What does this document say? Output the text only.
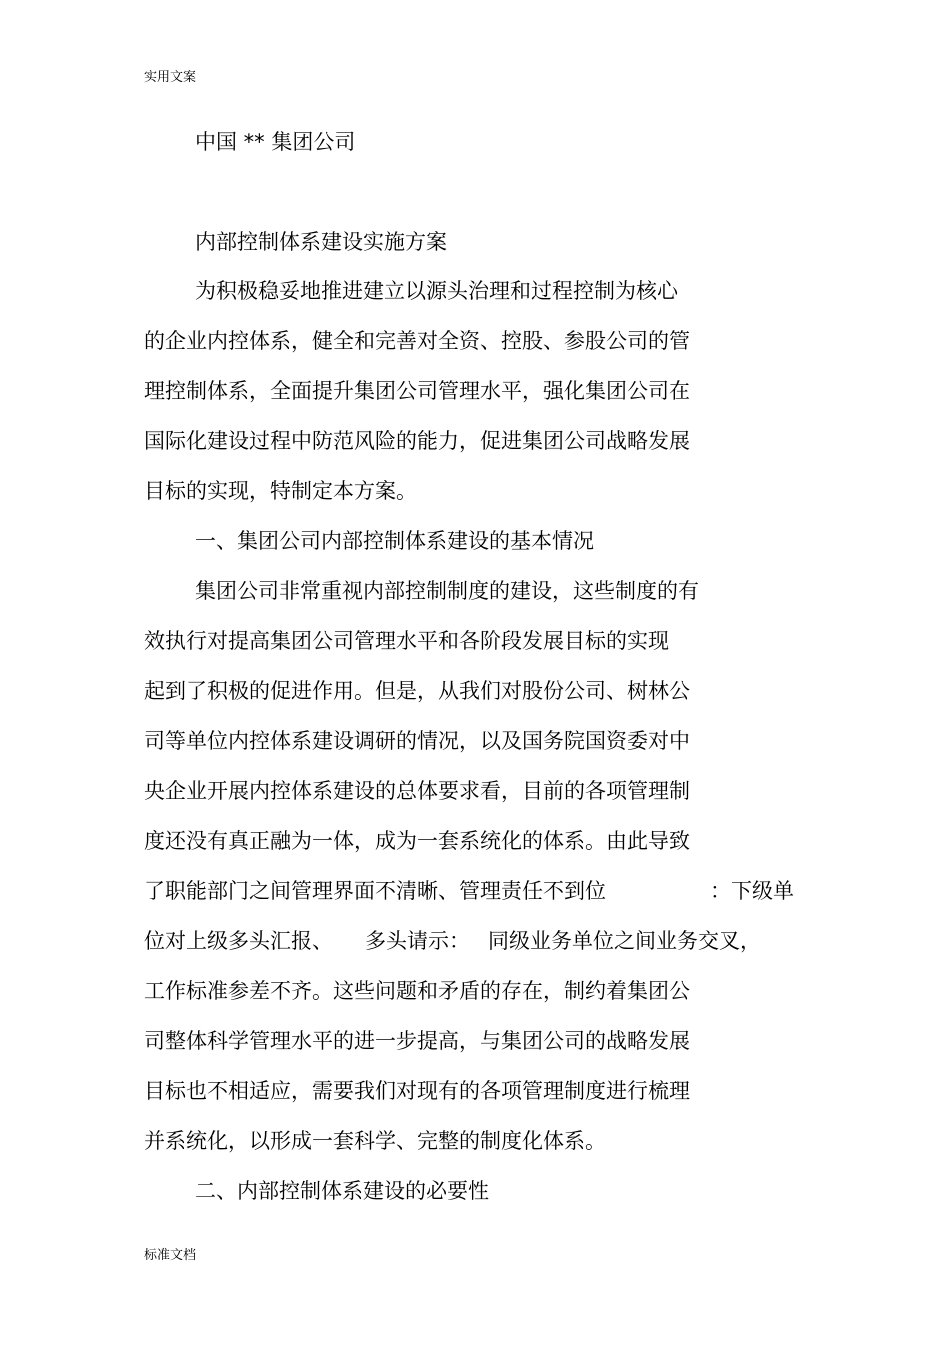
实用文案
中国 ** 集团公司
内部控制体系建设实施方案
为积极稳妥地推进建立以源头治理和过程控制为核心
的企业内控体系，健全和完善对全资、控股、参股公司的管
理控制体系，全面提升集团公司管理水平，强化集团公司在
国际化建设过程中防范风险的能力，促进集团公司战略发展
目标的实现，特制定本方案。
一、集团公司内部控制体系建设的基本情况
集团公司非常重视内部控制制度的建设，这些制度的有
效执行对提高集团公司管理水平和各阶段发展目标的实现
起到了积极的促进作用。但是，从我们对股份公司、树林公
司等单位内控体系建设调研的情况，以及国务院国资委对中
央企业开展内控体系建设的总体要求看，目前的各项管理制
度还没有真正融为一体，成为一套系统化的体系。由此导致
了职能部门之间管理界面不清晰、管理责任不到位	：下级单
位对上级多头汇报、 多头请示： 同级业务单位之间业务交叉，
工作标准参差不齐。这些问题和矛盾的存在，制约着集团公
司整体科学管理水平的进一步提高，与集团公司的战略发展
目标也不相适应，需要我们对现有的各项管理制度进行梳理
并系统化，以形成一套科学、完整的制度化体系。
二、内部控制体系建设的必要性
标准文档
